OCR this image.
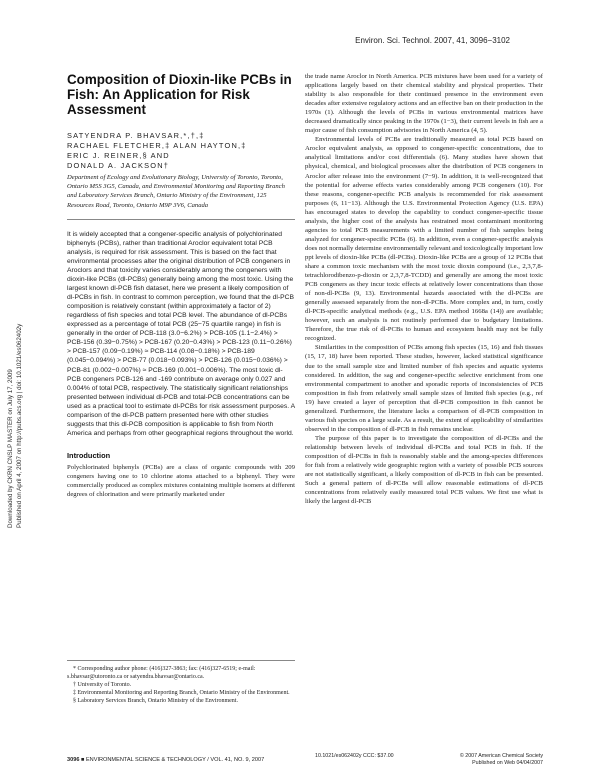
Environ. Sci. Technol. 2007, 41, 3096−3102
Downloaded by CKRN CNSLP MASTER on July 17, 2009 Published on April 4, 2007 on http://pubs.acs.org | doi: 10.1021/es062402y
Composition of Dioxin-like PCBs in Fish: An Application for Risk Assessment
SATYENDRA P. BHAVSAR,*,†,‡
RACHAEL FLETCHER,‡ ALAN HAYTON,‡
ERIC J. REINER,§ AND
DONALD A. JACKSON†
Department of Ecology and Evolutionary Biology, University of Toronto, Toronto, Ontario M5S 3G5, Canada, and Environmental Monitoring and Reporting Branch and Laboratory Services Branch, Ontario Ministry of the Environment, 125 Resources Road, Toronto, Ontario M9P 3V6, Canada

It is widely accepted that a congener-specific analysis of polychlorinated biphenyls (PCBs), rather than traditional Aroclor equivalent total PCB analysis, is required for risk assessment. This is based on the fact that environmental processes alter the original distribution of PCB congeners in Aroclors and that toxicity varies considerably among the congeners with dioxin-like PCBs (dl-PCBs) generally being among the most toxic. Using the largest known dl-PCB fish dataset, here we present a likely composition of dl-PCBs in fish. In contrast to common perception, we found that the dl-PCB composition is relatively constant (within approximately a factor of 2) regardless of fish species and total PCB level. The abundance of dl-PCBs expressed as a percentage of total PCB (25−75 quartile range) in fish is generally in the order of PCB-118 (3.0−6.2%) > PCB-105 (1.1−2.4%) > PCB-156 (0.39−0.75%) > PCB-167 (0.20−0.43%) > PCB-123 (0.11−0.26%) > PCB-157 (0.09−0.19%) ≈ PCB-114 (0.08−0.18%) > PCB-189 (0.045−0.094%) > PCB-77 (0.018−0.093%) > PCB-126 (0.015−0.036%) > PCB-81 (0.002−0.007%) ≈ PCB-169 (0.001−0.006%). The most toxic dl-PCB congeners PCB-126 and -169 contribute on average only 0.027 and 0.004% of total PCB, respectively. The statistically significant relationships presented between individual dl-PCB and total-PCB concentrations can be used as a practical tool to estimate dl-PCBs for risk assessment purposes. A comparison of the dl-PCB pattern presented here with other studies suggests that this dl-PCB composition is applicable to fish from North America and perhaps from other geographical regions throughout the world.

Introduction

Polychlorinated biphenyls (PCBs) are a class of organic compounds with 209 congeners having one to 10 chlorine atoms attached to a biphenyl. They were commercially produced as complex mixtures containing multiple isomers at different degrees of chlorination and were primarily marketed under

the trade name Aroclor in North America. PCB mixtures have been used for a variety of applications largely based on their chemical stability and physical properties. Their stability is also responsible for their continued presence in the environment even decades after extensive regulatory actions and an effective ban on their production in the 1970s (1). Although the levels of PCBs in various environmental matrices have decreased dramatically since peaking in the 1970s (1−3), their current levels in fish are a major cause of fish consumption advisories in North America (4, 5).

Environmental levels of PCBs are traditionally measured as total PCB based on Aroclor equivalent analysis, as opposed to congener-specific concentrations, due to analytical limitations and/or cost differentials (6). Many studies have shown that physical, chemical, and biological processes alter the distribution of PCB congeners in Aroclor after release into the environment (7−9). In addition, it is well-recognized that the potential for adverse effects varies considerably among PCB congeners (10). For these reasons, congener-specific PCB analysis is recommended for risk assessment purposes (6, 11−13). Although the U.S. Environmental Protection Agency (U.S. EPA) has encouraged states to develop the capability to conduct congener-specific tissue analysis, the higher cost of the analysis has restrained most contaminant monitoring agencies to total PCB measurements with a limited number of fish samples being analyzed for congener-specific PCBs (6). In addition, even a congener-specific analysis does not normally determine environmentally relevant and toxicologically important low ppt levels of dioxin-like PCBs (dl-PCBs). Dioxin-like PCBs are a group of 12 PCBs that share a common toxic mechanism with the most toxic dioxin compound (i.e., 2,3,7,8-tetrachlorodibenzo-p-dioxin or 2,3,7,8-TCDD) and generally are among the most toxic PCB congeners as they incur toxic effects at relatively lower concentrations than those of non-dl-PCBs (9, 13). Environmental hazards associated with the dl-PCBs are generally assessed separately from the non-dl-PCBs. More complex and, in turn, costly dl-PCB-specific analytical methods (e.g., U.S. EPA method 1668a (14)) are available; however, such an analysis is not routinely performed due to budgetary limitations. Therefore, the true risk of dl-PCBs to human and ecosystem health may not be fully recognized.

Similarities in the composition of PCBs among fish species (15, 16) and fish tissues (15, 17, 18) have been reported. These studies, however, lacked statistical significance due to the small sample size and limited number of fish species and aquatic systems considered. In addition, the sag and congener-specific selective enrichment from one environmental compartment to another and sporadic reports of inconsistencies of PCB composition in fish from relatively small sample sizes of limited fish species (e.g., ref 19) have created a layer of perception that dl-PCB composition in fish cannot be generalized. Furthermore, the literature lacks a comparison of dl-PCB composition in various fish species on a large scale. As a result, the extent of applicability of similarities observed in the composition of dl-PCB in fish remains unclear.

The purpose of this paper is to investigate the composition of dl-PCBs and the relationship between levels of individual dl-PCBs and total PCB in fish. If the composition of dl-PCBs in fish is reasonably stable and the among-species differences for fish from a relatively wide geographic region with a variety of possible PCB sources are not statistically significant, a likely composition of dl-PCB in fish can be presented. Such a general pattern of dl-PCBs will allow reasonable estimations of dl-PCB concentrations from relatively easily measured total PCB values. We first use what is likely the largest dl-PCB

* Corresponding author phone: (416)327-3863; fax: (416)327-6519; e-mail: s.bhavsar@utoronto.ca or satyendra.bhavsar@ontario.ca.

† University of Toronto.

‡ Environmental Monitoring and Reporting Branch, Ontario Ministry of the Environment.

§ Laboratory Services Branch, Ontario Ministry of the Environment.

3096 ■ ENVIRONMENTAL SCIENCE & TECHNOLOGY / VOL. 41, NO. 9, 2007
10.1021/es062402y CCC: $37.00	© 2007 American Chemical Society
Published on Web 04/04/2007
